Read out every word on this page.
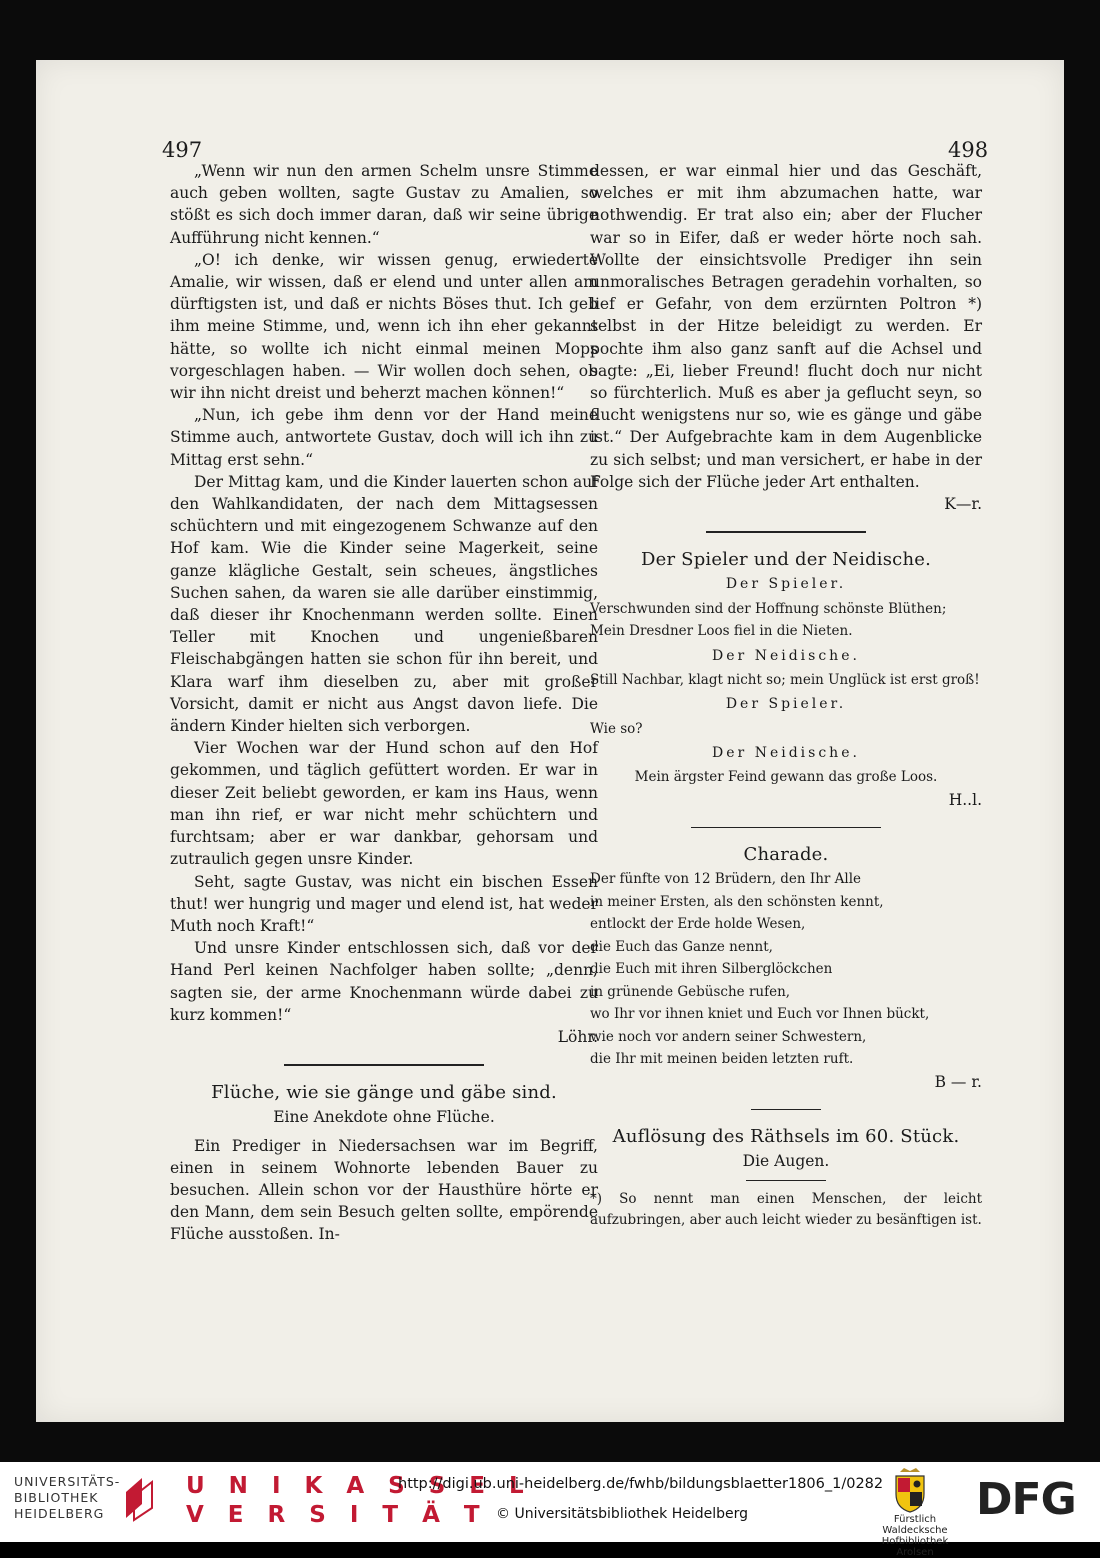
497	498

„Wenn wir nun den armen Schelm unsre Stimme auch geben wollten, sagte Gustav zu Amalien, so stößt es sich doch immer daran, daß wir seine übrige Aufführung nicht kennen.“

„O! ich denke, wir wissen genug, erwiederte Amalie, wir wissen, daß er elend und unter allen am dürftigsten ist, und daß er nichts Böses thut. Ich geb ihm meine Stimme, und, wenn ich ihn eher gekannt hätte, so wollte ich nicht einmal meinen Mops vorgeschlagen haben. — Wir wollen doch sehen, ob wir ihn nicht dreist und beherzt machen können!“

„Nun, ich gebe ihm denn vor der Hand meine Stimme auch, antwortete Gustav, doch will ich ihn zu Mittag erst sehn.“

Der Mittag kam, und die Kinder lauerten schon auf den Wahlkandidaten, der nach dem Mittagsessen schüchtern und mit eingezogenem Schwanze auf den Hof kam. Wie die Kinder seine Magerkeit, seine ganze klägliche Gestalt, sein scheues, ängstliches Suchen sahen, da waren sie alle darüber einstimmig, daß dieser ihr Knochenmann werden sollte. Einen Teller mit Knochen und ungenießbaren Fleischabgängen hatten sie schon für ihn bereit, und Klara warf ihm dieselben zu, aber mit großer Vorsicht, damit er nicht aus Angst davon liefe. Die ändern Kinder hielten sich verborgen.

Vier Wochen war der Hund schon auf den Hof gekommen, und täglich gefüttert worden. Er war in dieser Zeit beliebt geworden, er kam ins Haus, wenn man ihn rief, er war nicht mehr schüchtern und furchtsam; aber er war dankbar, gehorsam und zutraulich gegen unsre Kinder.

Seht, sagte Gustav, was nicht ein bischen Essen thut! wer hungrig und mager und elend ist, hat weder Muth noch Kraft!“

Und unsre Kinder entschlossen sich, daß vor der Hand Perl keinen Nachfolger haben sollte; „denn, sagten sie, der arme Knochenmann würde dabei zu kurz kommen!“

Löhr.

Flüche, wie sie gänge und gäbe sind.
Eine Anekdote ohne Flüche.

Ein Prediger in Niedersachsen war im Begriff, einen in seinem Wohnorte lebenden Bauer zu besuchen. Allein schon vor der Hausthüre hörte er den Mann, dem sein Besuch gelten sollte, empörende Flüche ausstoßen. In-

dessen, er war einmal hier und das Geschäft, welches er mit ihm abzumachen hatte, war nothwendig. Er trat also ein; aber der Flucher war so in Eifer, daß er weder hörte noch sah. Wollte der einsichtsvolle Prediger ihn sein unmoralisches Betragen geradehin vorhalten, so lief er Gefahr, von dem erzürnten Poltron *) selbst in der Hitze beleidigt zu werden. Er pochte ihm also ganz sanft auf die Achsel und sagte: „Ei, lieber Freund! flucht doch nur nicht so fürchterlich. Muß es aber ja geflucht seyn, so flucht wenigstens nur so, wie es gänge und gäbe ist.“ Der Aufgebrachte kam in dem Augenblicke zu sich selbst; und man versichert, er habe in der Folge sich der Flüche jeder Art enthalten.

K—r.

Der Spieler und der Neidische.
Der Spieler.

Verschwunden sind der Hoffnung schönste Blüthen;

Mein Dresdner Loos fiel in die Nieten.

Der Neidische.

Still Nachbar, klagt nicht so; mein Unglück ist erst groß!

Der Spieler.

Wie so?

Der Neidische.

Mein ärgster Feind gewann das große Loos.

H..l.

Charade.

Der fünfte von 12 Brüdern, den Ihr Alle

in meiner Ersten, als den schönsten kennt,

entlockt der Erde holde Wesen,

die Euch das Ganze nennt,

die Euch mit ihren Silberglöckchen

in grünende Gebüsche rufen,

wo Ihr vor ihnen kniet und Euch vor Ihnen bückt,

wie noch vor andern seiner Schwestern,

die Ihr mit meinen beiden letzten ruft.

B — r.

Auflösung des Räthsels im 60. Stück.
Die Augen.

*) So nennt man einen Menschen, der leicht aufzubringen, aber auch leicht wieder zu besänftigen ist.

UNIVERSITÄTS-
BIBLIOTHEK
HEIDELBERG
U N I K A S S E L
V E R S I T Ä T
http://digi.ub.uni-heidelberg.de/fwhb/bildungsblaetter1806_1/0282
© Universitätsbibliothek Heidelberg	Fürstlich Waldecksche
Hofbibliothek Arolsen
DFG
